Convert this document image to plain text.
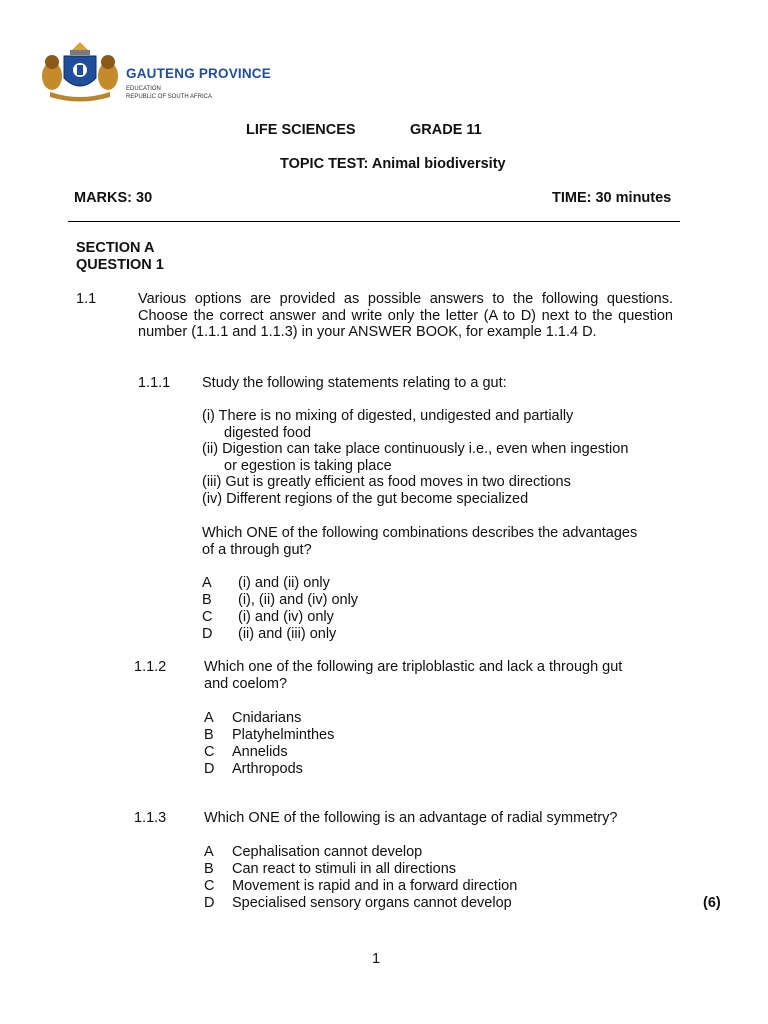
GAUTENG PROVINCE
EDUCATION
REPUBLIC OF SOUTH AFRICA
LIFE SCIENCES	GRADE 11
TOPIC TEST: Animal biodiversity
MARKS: 30	TIME: 30 minutes
SECTION A
QUESTION 1
1.1	Various options are provided as possible answers to the following questions. Choose the correct answer and write only the letter (A to D) next to the question number (1.1.1 and 1.1.3) in your ANSWER BOOK, for example 1.1.4 D.
1.1.1 Study the following statements relating to a gut:
(i) There is no mixing of digested, undigested and partially
digested food
(ii) Digestion can take place continuously i.e., even when ingestion
or egestion is taking place
(iii) Gut is greatly efficient as food moves in two directions
(iv) Different regions of the gut become specialized
Which ONE of the following combinations describes the advantages
of a through gut?
A (i) and (ii) only
B (i), (ii) and (iv) only
C (i) and (iv) only
D (ii) and (iii) only
1.1.2	Which one of the following are triploblastic and lack a through gut
and coelom?
A Cnidarians
B Platyhelminthes
C Annelids
D Arthropods
1.1.3	Which ONE of the following is an advantage of radial symmetry?
A Cephalisation cannot develop
B Can react to stimuli in all directions
C Movement is rapid and in a forward direction
D Specialised sensory organs cannot develop	(6)
1
